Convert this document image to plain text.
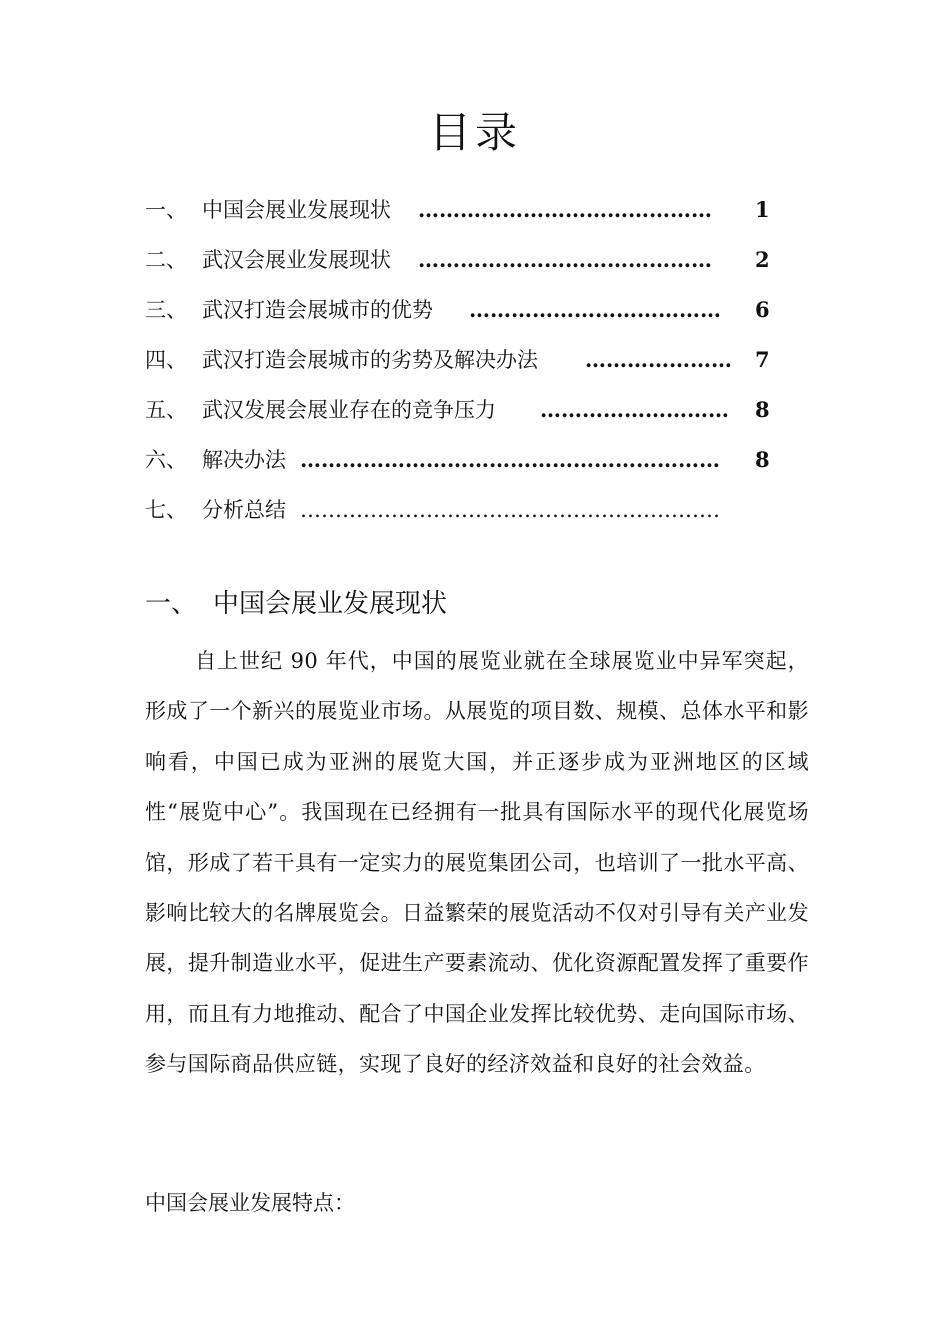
目录
一、 中国会展业发展现状 …………………………………… 1
二、 武汉会展业发展现状 …………………………………… 2
三、 武汉打造会展城市的优势 ……………………………… 6
四、 武汉打造会展城市的劣势及解决办法 ………………… 7
五、 武汉发展会展业存在的竞争压力 ……………………… 8
六、 解决办法 …………………………………………………… 8
七、 分析总结 ……………………………………………………
一、 中国会展业发展现状

自上世纪 90 年代，中国的展览业就在全球展览业中异军突起，形成了一个新兴的展览业市场。从展览的项目数、规模、总体水平和影响看，中国已成为亚洲的展览大国，并正逐步成为亚洲地区的区域性“展览中心”。我国现在已经拥有一批具有国际水平的现代化展览场馆，形成了若干具有一定实力的展览集团公司，也培训了一批水平高、影响比较大的名牌展览会。日益繁荣的展览活动不仅对引导有关产业发展，提升制造业水平，促进生产要素流动、优化资源配置发挥了重要作用，而且有力地推动、配合了中国企业发挥比较优势、走向国际市场、参与国际商品供应链，实现了良好的经济效益和良好的社会效益。

中国会展业发展特点：
